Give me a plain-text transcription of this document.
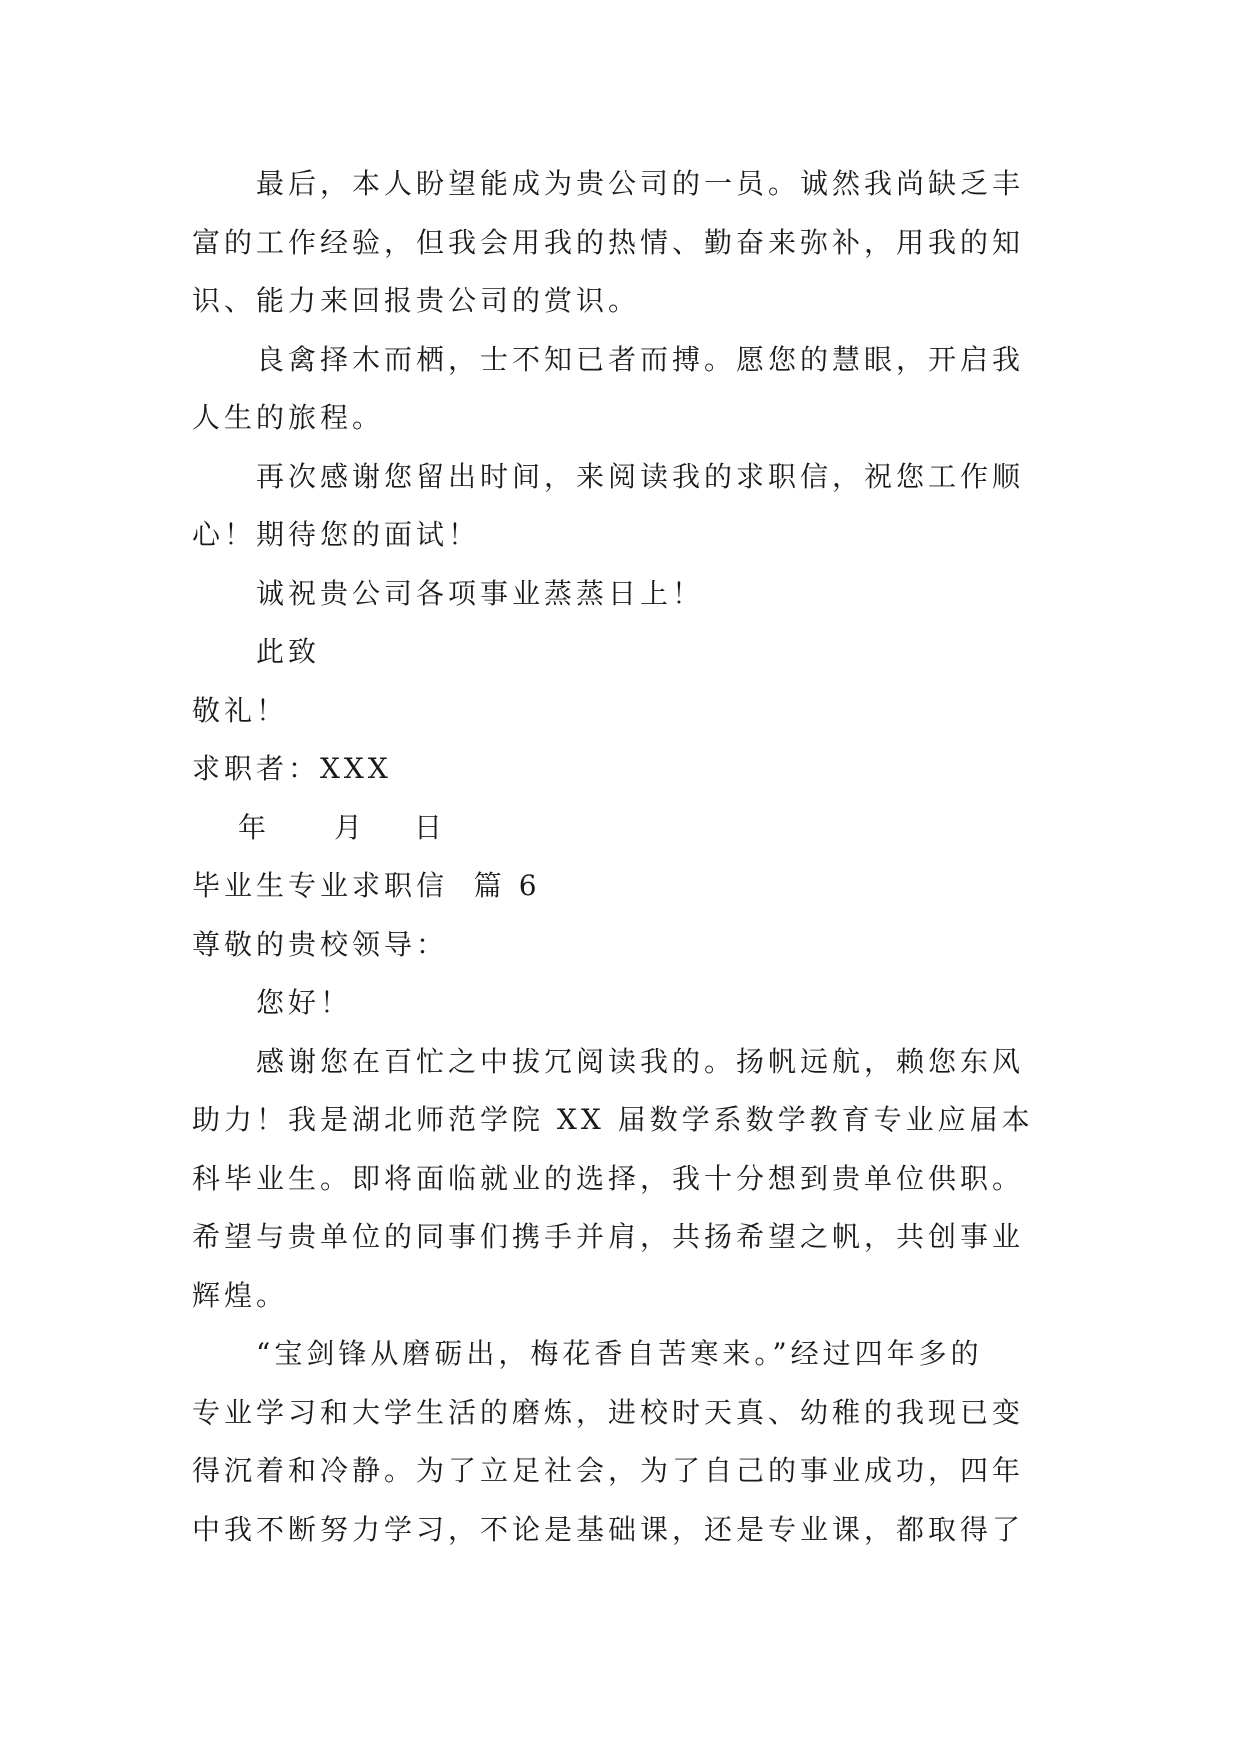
最后，本人盼望能成为贵公司的一员。诚然我尚缺乏丰
富的工作经验，但我会用我的热情、勤奋来弥补，用我的知
识、能力来回报贵公司的赏识。
良禽择木而栖，士不知已者而搏。愿您的慧眼，开启我
人生的旅程。
再次感谢您留出时间，来阅读我的求职信，祝您工作顺
心！期待您的面试！
诚祝贵公司各项事业蒸蒸日上！
此致
敬礼！
求职者：XXX
年 月 日
毕业生专业求职信  篇 6
尊敬的贵校领导：
您好！
感谢您在百忙之中拔冗阅读我的。扬帆远航，赖您东风
助力！我是湖北师范学院 XX 届数学系数学教育专业应届本
科毕业生。即将面临就业的选择，我十分想到贵单位供职。
希望与贵单位的同事们携手并肩，共扬希望之帆，共创事业
辉煌。
“宝剑锋从磨砺出，梅花香自苦寒来。”经过四年多的
专业学习和大学生活的磨炼，进校时天真、幼稚的我现已变
得沉着和冷静。为了立足社会，为了自己的事业成功，四年
中我不断努力学习，不论是基础课，还是专业课，都取得了
